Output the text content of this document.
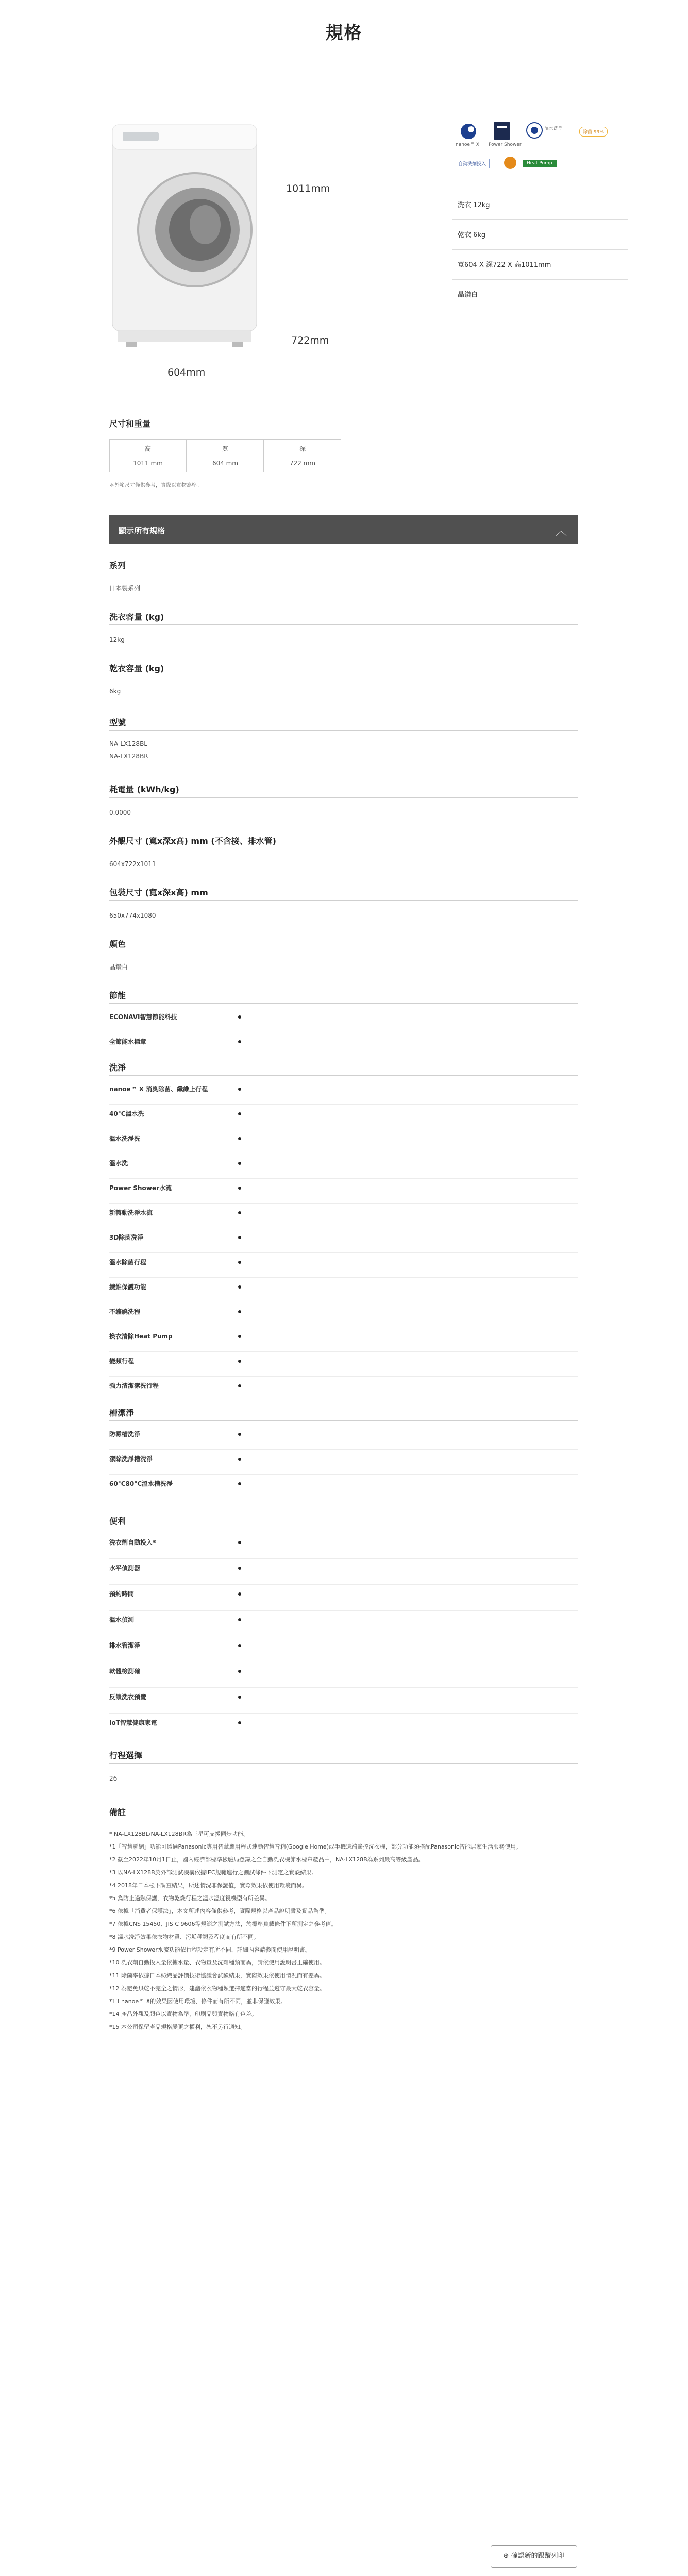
規格
1011mm
722mm
604mm
nanoe™ X Power Shower
溫水洗淨
除菌 99%
自動洗劑投入	Heat Pump
洗衣 12kg
乾衣 6kg
寬604 X 深722 X 高1011mm
晶鑽白
尺寸和重量
高
1011 mm
寬
604 mm
深
722 mm
＊外箱尺寸僅供參考，實際以實物為準。
顯示所有規格	︿
系列
日本製系列
洗衣容量 (kg)
12kg
乾衣容量 (kg)
6kg
型號
NA-LX128BL
NA-LX128BR
耗電量 (kWh/kg)
0.0000
外觀尺寸 (寬x深x高) mm (不含接、排水管)
604x722x1011
包裝尺寸 (寬x深x高) mm
650x774x1080
顏色
晶鑽白
節能
ECONAVI智慧節能科技
全節能水標章
洗淨
nanoe™ X 消臭除菌、纖維上行程
40°C溫水洗
溫水洗淨洗
溫水洗
Power Shower水流
新轉動洗淨水流
3D除菌洗淨
溫水除菌行程
纖維保護功能
不纏繞洗程
換衣清除Heat Pump
變頻行程
強力清潔潔洗行程
槽潔淨
防霉槽洗淨
潔除洗淨槽洗淨
60°C80°C溫水槽洗淨
便利
洗衣劑自動投入*
水平偵測器
預約時間
溫水偵測
排水管潔淨
軟體檢測確
反饋洗衣預覽
IoT智慧健康家電
行程選擇
26
備註
* NA-LX128BL/NA-LX128BR為三星可支援同步功能。
*1「智慧聯網」功能可透過Panasonic專用智慧應用程式連動智慧音箱(Google Home)或手機遠端遙控洗衣機，部分功能須搭配Panasonic智能居家生活服務使用。
*2 截至2022年10月1日止，國內經濟部標準檢驗局登錄之全自動洗衣機節水標章產品中，NA-LX128B為系列最高等級產品。
*3 以NA-LX128B於外部測試機構依據IEC規範進行之測試條件下測定之實驗結果。
*4 2018年日本松下調查結果，所述情況非保證值，實際效果依使用環境而異。
*5 為防止過熱保護，衣物乾燥行程之溫水溫度視機型有所差異。
*6 依據「消費者保護法」，本文所述內容僅供參考，實際規格以產品說明書及實品為準。
*7 依據CNS 15450、JIS C 9606等規範之測試方法，於標準負載條件下所測定之參考值。
*8 溫水洗淨效果依衣物材質、污垢種類及程度而有所不同。
*9 Power Shower水流功能依行程設定有所不同，詳細內容請參閱使用說明書。
*10 洗衣劑自動投入量依據水量、衣物量及洗劑種類而異，請依使用說明書正確使用。
*11 除菌率依據日本紡織品評價技術協議會試驗結果，實際效果依使用情況而有差異。
*12 為避免烘乾不完全之情形，建議依衣物種類選擇適當的行程並遵守最大乾衣容量。
*13 nanoe™ X的效果因使用環境、條件而有所不同，並非保證效果。
*14 產品外觀及顏色以實物為準，印刷品與實物略有色差。
*15 本公司保留產品規格變更之權利，恕不另行通知。
⊕ 確認新的跟蹤列印
